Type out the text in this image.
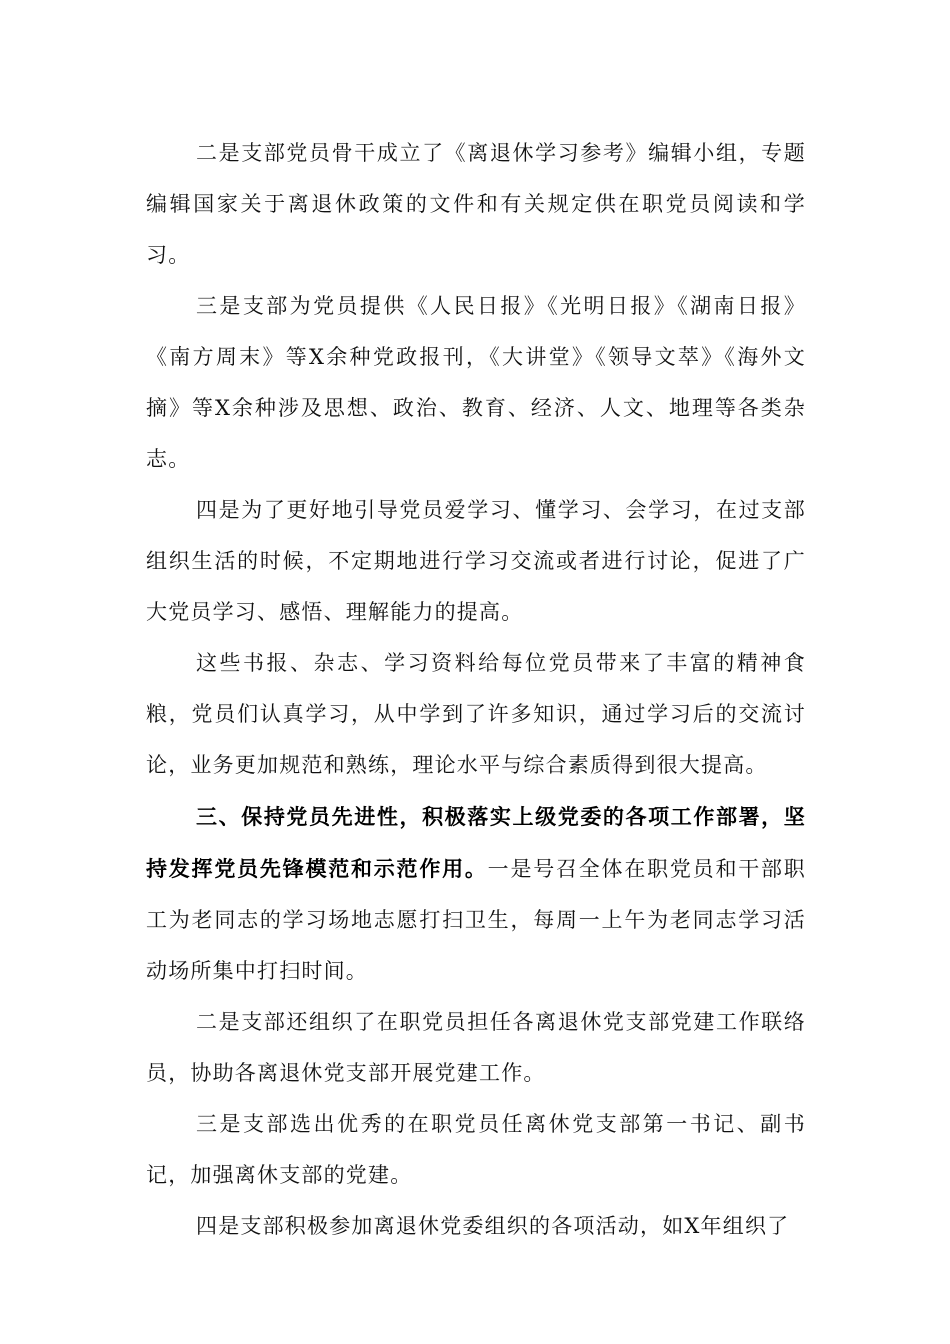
二是支部党员骨干成立了《离退休学习参考》编辑小组，专题编辑国家关于离退休政策的文件和有关规定供在职党员阅读和学习。

三是支部为党员提供《人民日报》《光明日报》《湖南日报》《南方周末》等X余种党政报刊，《大讲堂》《领导文萃》《海外文摘》等X余种涉及思想、政治、教育、经济、人文、地理等各类杂志。

四是为了更好地引导党员爱学习、懂学习、会学习，在过支部组织生活的时候，不定期地进行学习交流或者进行讨论，促进了广大党员学习、感悟、理解能力的提高。

这些书报、杂志、学习资料给每位党员带来了丰富的精神食粮，党员们认真学习，从中学到了许多知识，通过学习后的交流讨论，业务更加规范和熟练，理论水平与综合素质得到很大提高。

三、保持党员先进性，积极落实上级党委的各项工作部署，坚持发挥党员先锋模范和示范作用。一是号召全体在职党员和干部职工为老同志的学习场地志愿打扫卫生，每周一上午为老同志学习活动场所集中打扫时间。

二是支部还组织了在职党员担任各离退休党支部党建工作联络员，协助各离退休党支部开展党建工作。

三是支部选出优秀的在职党员任离休党支部第一书记、副书记，加强离休支部的党建。

四是支部积极参加离退休党委组织的各项活动，如X年组织了
